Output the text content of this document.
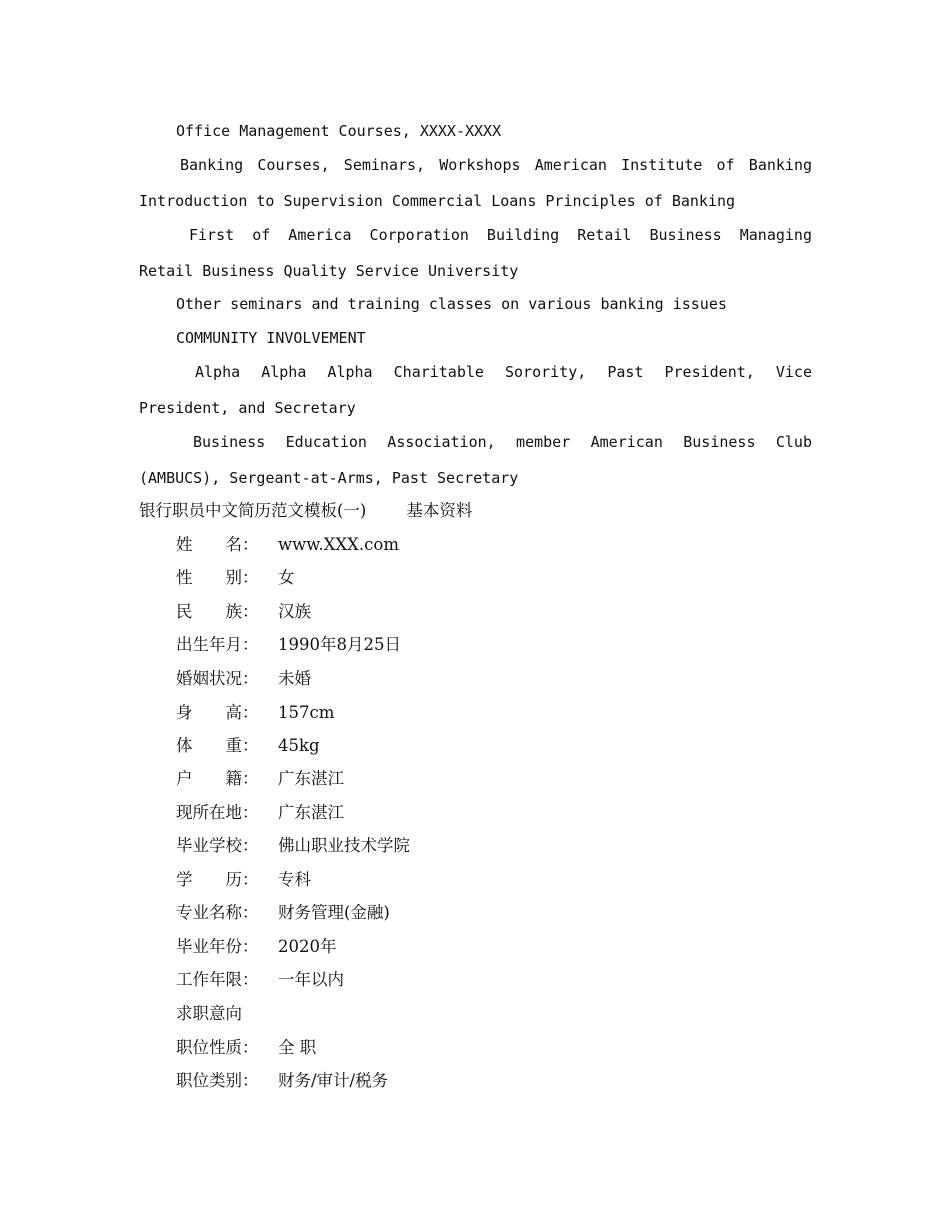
Office Management Courses, XXXX-XXXX
Banking Courses, Seminars, Workshops American Institute of Banking
Introduction to Supervision Commercial Loans Principles of Banking
First of America Corporation Building Retail Business Managing
Retail Business Quality Service University
Other seminars and training classes on various banking issues
COMMUNITY INVOLVEMENT
Alpha Alpha Alpha Charitable Sorority, Past President, Vice
President, and Secretary
Business Education Association, member American Business Club
(AMBUCS), Sergeant-at-Arms, Past Secretary
银行职员中文简历范文模板(一) 基本资料
姓　　名： www.XXX.com
性　　别： 女
民　　族： 汉族
出生年月： 1990年8月25日
婚姻状况： 未婚
身　　高： 157cm
体　　重： 45kg
户　　籍： 广东湛江
现所在地： 广东湛江
毕业学校： 佛山职业技术学院
学　　历： 专科
专业名称： 财务管理(金融)
毕业年份： 2020年
工作年限： 一年以内
求职意向
职位性质： 全 职
职位类别： 财务/审计/税务
